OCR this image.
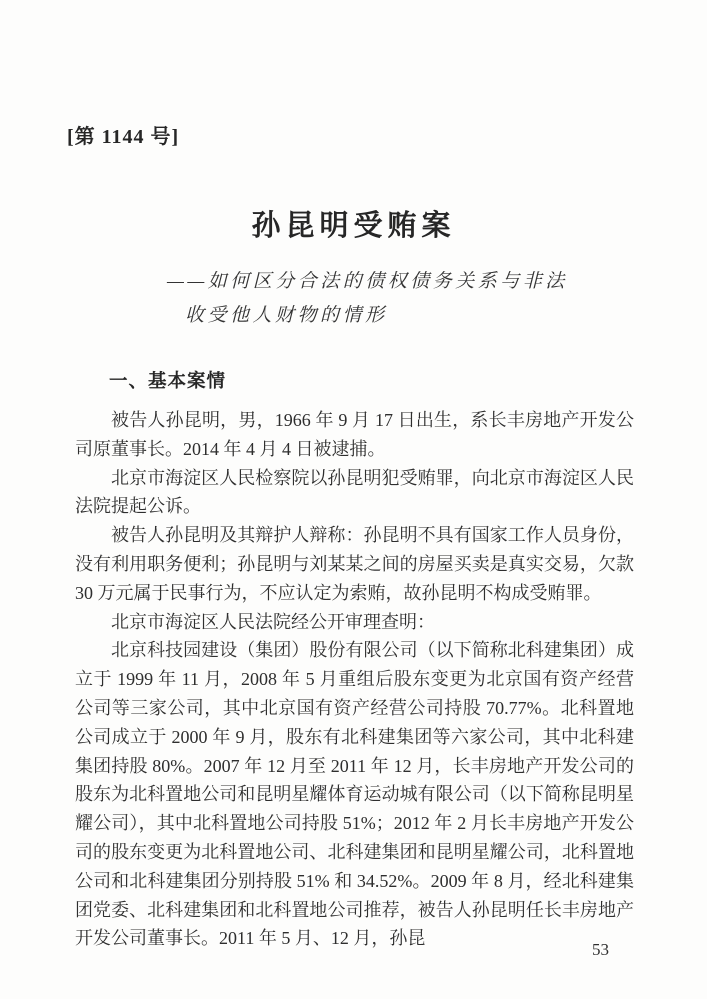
[第 1144 号]
孙昆明受贿案
——如何区分合法的债权债务关系与非法
收受他人财物的情形
一、基本案情

被告人孙昆明，男，1966 年 9 月 17 日出生，系长丰房地产开发公司原董事长。2014 年 4 月 4 日被逮捕。

北京市海淀区人民检察院以孙昆明犯受贿罪，向北京市海淀区人民法院提起公诉。

被告人孙昆明及其辩护人辩称：孙昆明不具有国家工作人员身份，没有利用职务便利；孙昆明与刘某某之间的房屋买卖是真实交易，欠款 30 万元属于民事行为，不应认定为索贿，故孙昆明不构成受贿罪。

北京市海淀区人民法院经公开审理查明：

北京科技园建设（集团）股份有限公司（以下简称北科建集团）成立于 1999 年 11 月，2008 年 5 月重组后股东变更为北京国有资产经营公司等三家公司，其中北京国有资产经营公司持股 70.77%。北科置地公司成立于 2000 年 9 月，股东有北科建集团等六家公司，其中北科建集团持股 80%。2007 年 12 月至 2011 年 12 月，长丰房地产开发公司的股东为北科置地公司和昆明星耀体育运动城有限公司（以下简称昆明星耀公司），其中北科置地公司持股 51%；2012 年 2 月长丰房地产开发公司的股东变更为北科置地公司、北科建集团和昆明星耀公司，北科置地公司和北科建集团分别持股 51% 和 34.52%。2009 年 8 月，经北科建集团党委、北科建集团和北科置地公司推荐，被告人孙昆明任长丰房地产开发公司董事长。2011 年 5 月、12 月，孙昆

53
